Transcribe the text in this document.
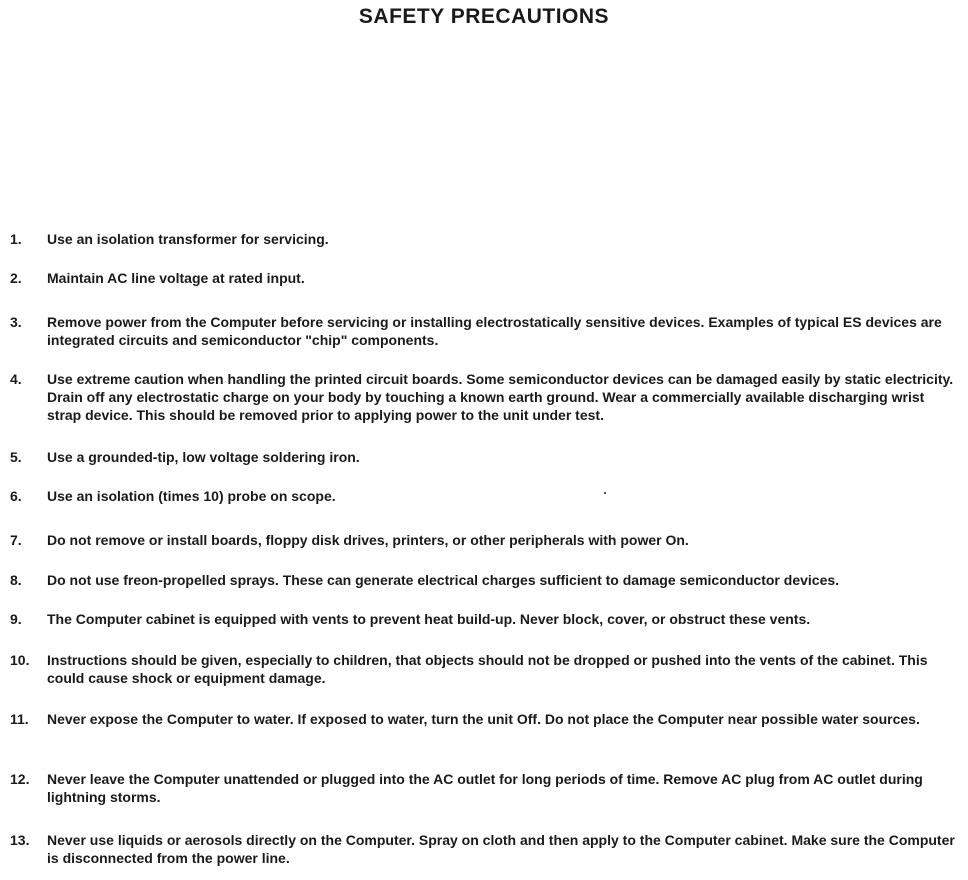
SAFETY PRECAUTIONS
1.	Use an isolation transformer for servicing.
2.	Maintain AC line voltage at rated input.
3.	Remove power from the Computer before servicing or installing electrostatically sensitive devices. Examples of typical ES devices are integrated circuits and semiconductor "chip" components.
4.	Use extreme caution when handling the printed circuit boards. Some semiconductor devices can be damaged easily by static electricity. Drain off any electrostatic charge on your body by touching a known earth ground. Wear a commercially available discharging wrist strap device. This should be removed prior to applying power to the unit under test.
5.	Use a grounded-tip, low voltage soldering iron.
6.	Use an isolation (times 10) probe on scope.
7.	Do not remove or install boards, floppy disk drives, printers, or other peripherals with power On.
8.	Do not use freon-propelled sprays. These can generate electrical charges sufficient to damage semiconductor devices.
9.	The Computer cabinet is equipped with vents to prevent heat build-up. Never block, cover, or obstruct these vents.
10.	Instructions should be given, especially to children, that objects should not be dropped or pushed into the vents of the cabinet. This could cause shock or equipment damage.
11.	Never expose the Computer to water. If exposed to water, turn the unit Off. Do not place the Computer near possible water sources.
12.	Never leave the Computer unattended or plugged into the AC outlet for long periods of time. Remove AC plug from AC outlet during lightning storms.
13.	Never use liquids or aerosols directly on the Computer. Spray on cloth and then apply to the Computer cabinet. Make sure the Computer is disconnected from the power line.
